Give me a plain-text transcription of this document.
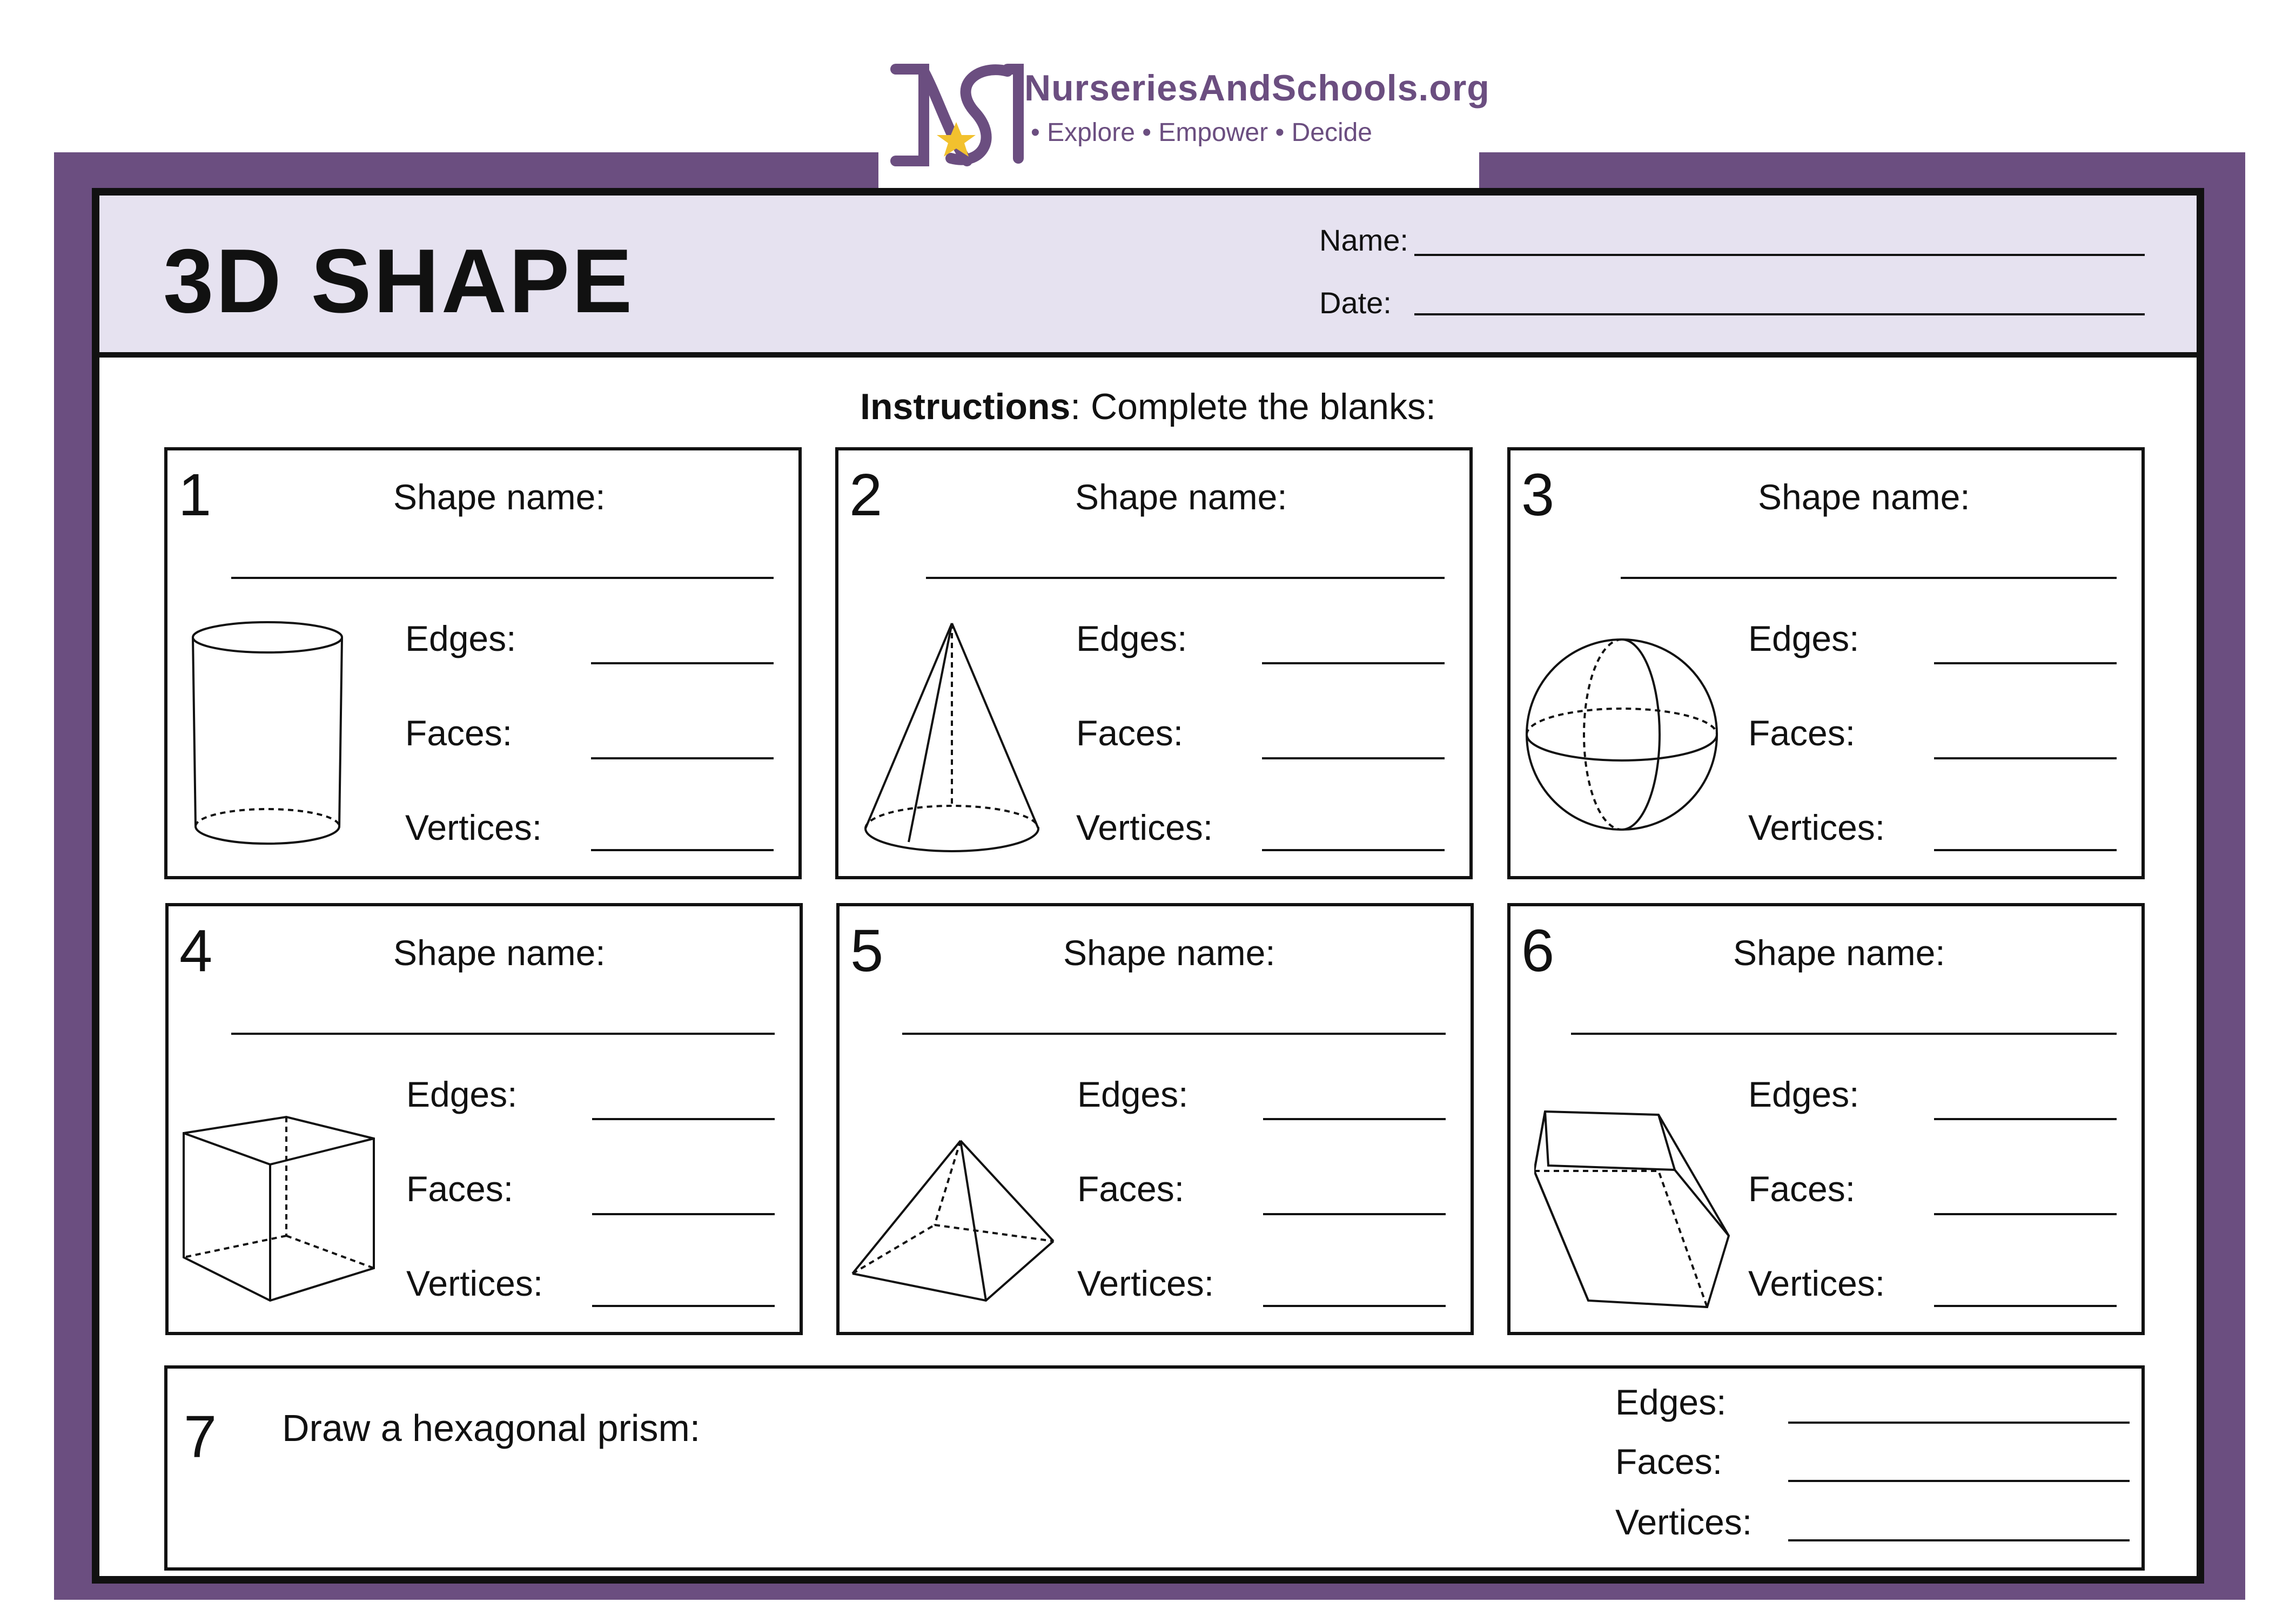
NurseriesAndSchools.org
• Explore • Empower • Decide
3D SHAPE	Name:
Date:
Instructions: Complete the blanks:
1	Shape name:
Edges:
Faces:
Vertices:
2	Shape name:
Edges:
Faces:
Vertices:
3	Shape name:
Edges:
Faces:
Vertices:
4	Shape name:
Edges:
Faces:
Vertices:
5	Shape name:
Edges:
Faces:
Vertices:
6	Shape name:
Edges:
Faces:
Vertices:
7 Draw a hexagonal prism:
Edges:
Faces:
Vertices:
